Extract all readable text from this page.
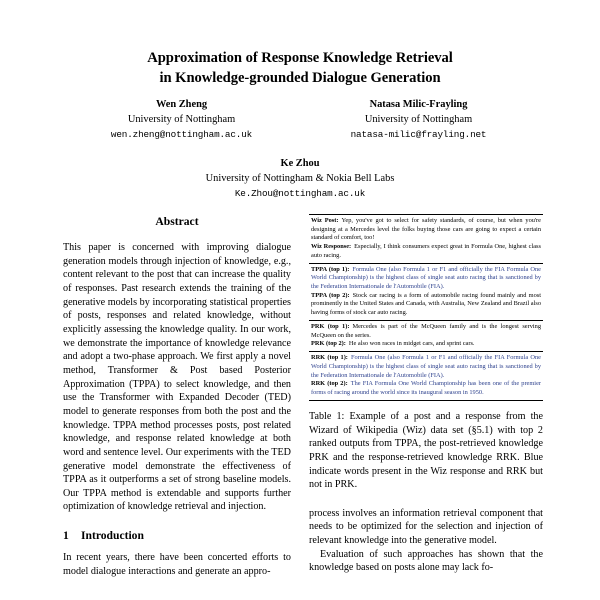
Approximation of Response Knowledge Retrieval
in Knowledge-grounded Dialogue Generation
Wen Zheng
University of Nottingham
wen.zheng@nottingham.ac.uk
Natasa Milic-Frayling
University of Nottingham
natasa-milic@frayling.net
Ke Zhou
University of Nottingham & Nokia Bell Labs
Ke.Zhou@nottingham.ac.uk
Abstract

This paper is concerned with improving dialogue generation models through injection of knowledge, e.g., content relevant to the post that can increase the quality of responses. Past research extends the training of the generative models by incorporating statistical properties of posts, responses and related knowledge, without explicitly assessing the knowledge quality. In our work, we demonstrate the importance of knowledge relevance and adopt a two-phase approach. We first apply a novel method, Transformer & Post based Posterior Approximation (TPPA) to select knowledge, and then use the Transformer with Expanded Decoder (TED) model to generate responses from both the post and the knowledge. TPPA method processes posts, post related knowledge, and response related knowledge at both word and sentence level. Our experiments with the TED generative model demonstrate the effectiveness of TPPA as it outperforms a set of strong baseline models. Our TPPA method is extendable and supports further optimization of knowledge retrieval and injection.

1 Introduction

In recent years, there have been concerted efforts to model dialogue interactions and generate an appro-

Wiz Post: Yep, you've got to select for safety standards, of course, but when you're designing at a Mercedes level the folks buying those cars are going to expect a certain standard of comfort, too!

Wiz Response: Especially, I think consumers expect great in Formula One, highest class auto racing.

TPPA (top 1): Formula One (also Formula 1 or F1 and officially the FIA Formula One World Championship) is the highest class of single seat auto racing that is sanctioned by the Federation Internationale de l'Automobile (FIA).

TPPA (top 2): Stock car racing is a form of automobile racing found mainly and most prominently in the United States and Canada, with Australia, New Zealand and Brazil also having forms of stock car auto racing.

PRK (top 1): Mercedes is part of the McQueen family and is the longest serving McQueen on the series.

PRK (top 2): He also won races in midget cars, and sprint cars.

RRK (top 1): Formula One (also Formula 1 or F1 and officially the FIA Formula One World Championship) is the highest class of single seat auto racing that is sanctioned by the Federation Internationale de l'Automobile (FIA).

RRK (top 2): The FIA Formula One World Championship has been one of the premier forms of racing around the world since its inaugural season in 1950.

Table 1: Example of a post and a response from the Wizard of Wikipedia (Wiz) data set (§5.1) with top 2 ranked outputs from TPPA, the post-retrieved knowledge PRK and the response-retrieved knowledge RRK. Blue indicate words present in the Wiz response and RRK but not in PRK.

process involves an information retrieval component that needs to be optimized for the selection and injection of relevant knowledge into the generative model.

Evaluation of such approaches has shown that the knowledge based on posts alone may lack fo-
